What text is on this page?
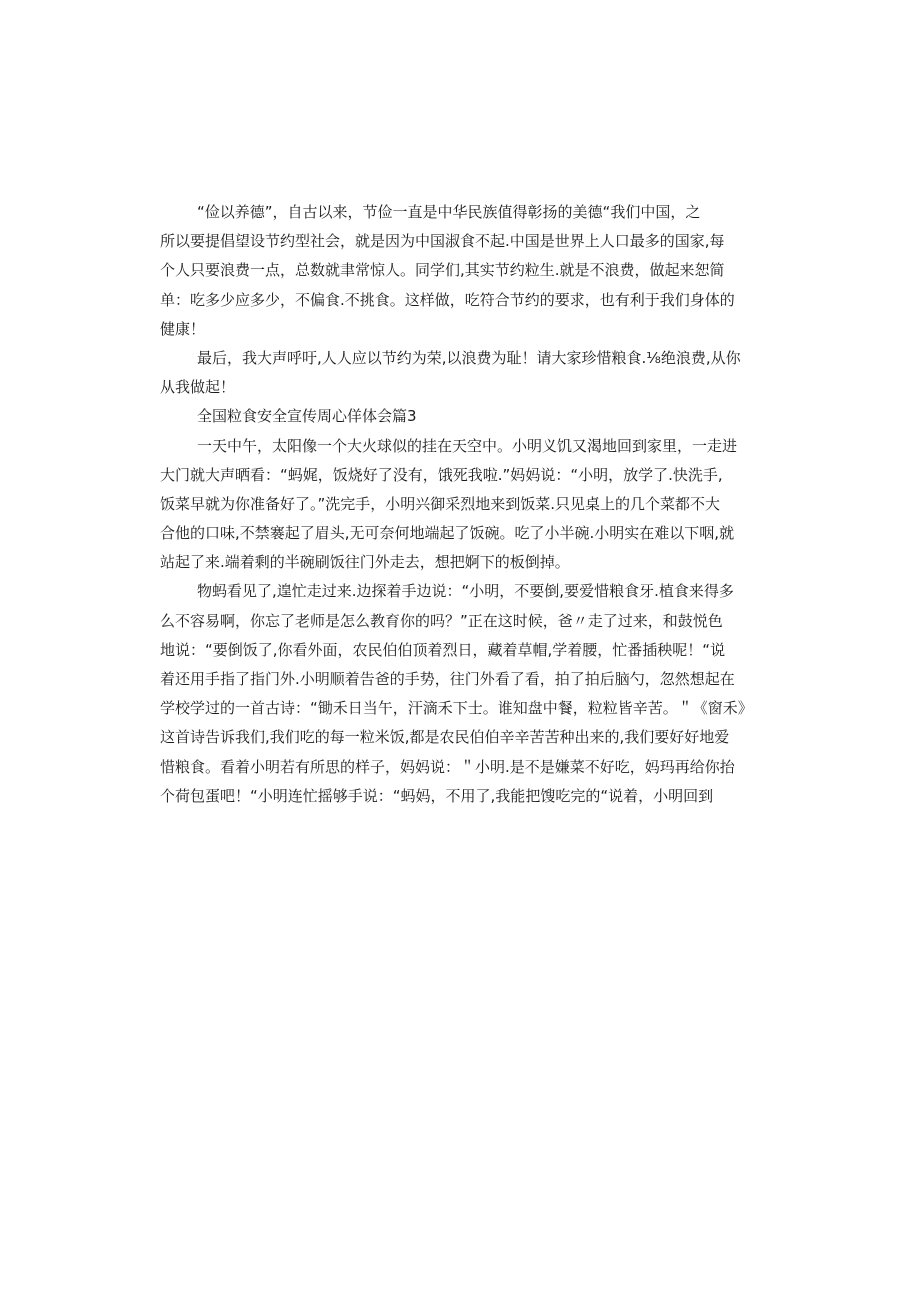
“俭以养德”，自古以来，节俭一直是中华民族值得彰扬的美德“我们中国，之
所以要提倡望设节约型社会，就是因为中国淑食不起.中国是世界上人口最多的国家,每
个人只要浪费一点，总数就聿常惊人。同学们,其实节约粒生.就是不浪费，做起来恕简
单：吃多少应多少，不偏食.不挑食。这样做，吃符合节约的要求，也有利于我们身体的
健康！
最后，我大声呼吁,人人应以节约为荣,以浪费为耻！请大家珍惜粮食.⅛绝浪费,从你
从我做起！
全国粒食安全宣传周心佯体会篇3
一天中午，太阳像一个大火球似的挂在天空中。小明义饥又渴地回到家里，一走进
大门就大声晒看：“蚂娓，饭烧好了没有，饿死我啦.”妈妈说：“小明，放学了.快洗手,
饭菜早就为你准备好了。”洗完手，小明兴御采烈地来到饭菜.只见桌上的几个菜都不大
合他的口味,不禁褰起了眉头,无可奈何地端起了饭碗。吃了小半碗.小明实在难以下咽,就
站起了来.端着剩的半碗刷饭往门外走去，想把婀下的板倒掉。
物蚂看见了,遑忙走过来.边探着手边说：“小明，不要倒,要爱惜粮食牙.植食来得多
么不容易啊，你忘了老师是怎么教育你的吗？”正在这时候，爸〃走了过来，和鼓悦色
地说：“要倒饭了,你看外面，农民伯伯顶着烈日，藏着草帽,学着腰，忙番插秧呢！“说
着还用手指了指门外.小明顺着告爸的手势，往门外看了看，拍了拍后脑勺，忽然想起在
学校学过的一首古诗：“锄禾日当午，汗滴禾下士。谁知盘中餐，粒粒皆辛苦。＂《窗禾》
这首诗告诉我们,我们吃的每一粒米饭,都是农民伯伯辛辛苦苦种出来的,我们要好好地爱
惜粮食。看着小明若有所思的样子，妈妈说：＂小明.是不是嫌菜不好吃，妈玛再给你抬
个荷包蛋吧！“小明连忙摇够手说：“蚂妈，不用了,我能把馊吃完的“说着，小明回到
